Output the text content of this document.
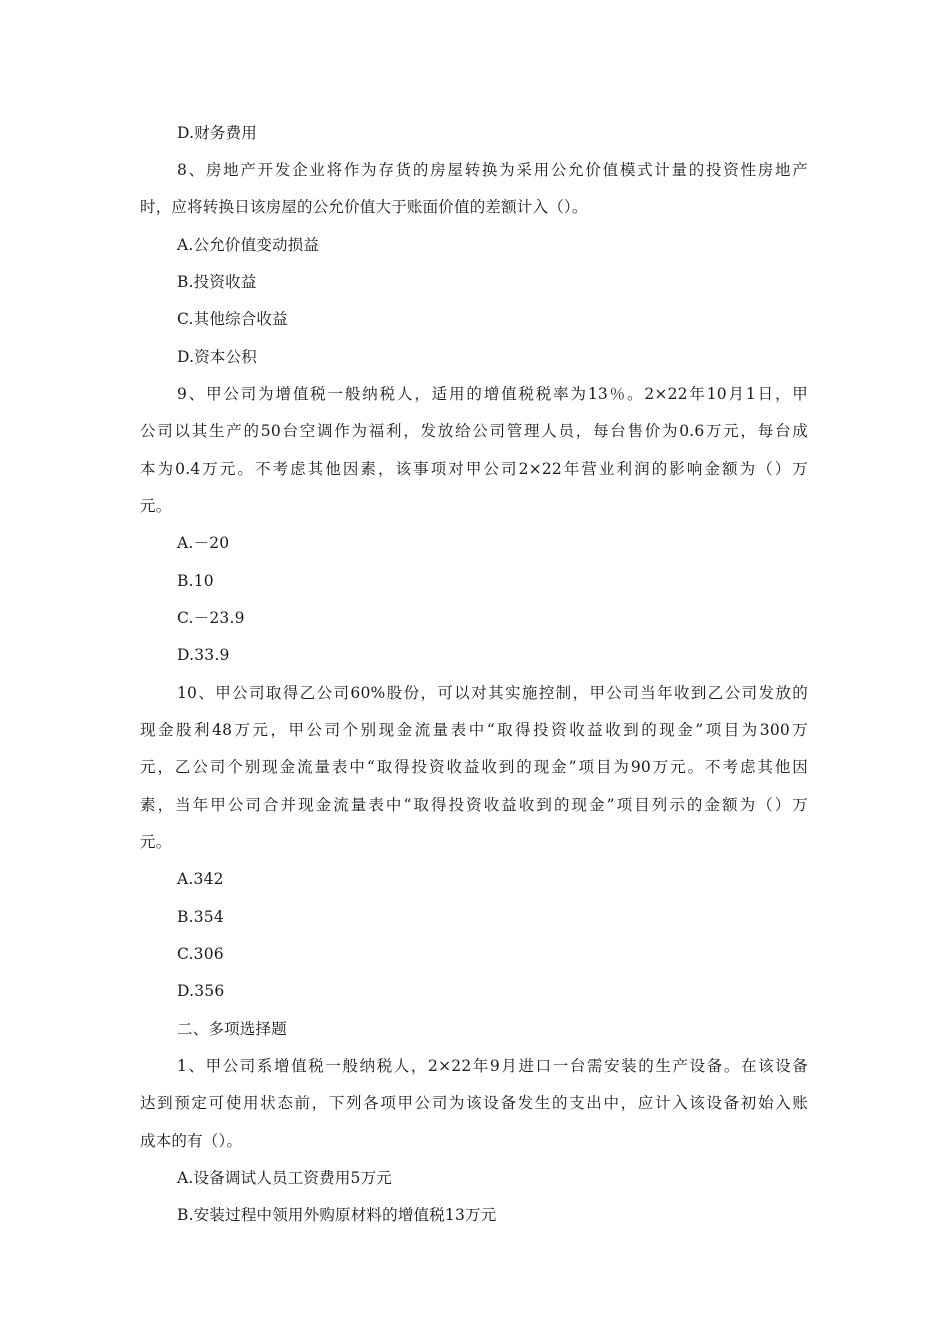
D.财务费用
8、房地产开发企业将作为存货的房屋转换为采用公允价值模式计量的投资性房地产
时，应将转换日该房屋的公允价值大于账面价值的差额计入（）。
A.公允价值变动损益
B.投资收益
C.其他综合收益
D.资本公积
9、甲公司为增值税一般纳税人，适用的增值税税率为13％。2×22年10月1日，甲
公司以其生产的50台空调作为福利，发放给公司管理人员，每台售价为0.6万元，每台成
本为0.4万元。不考虑其他因素，该事项对甲公司2×22年营业利润的影响金额为（）万
元。
A.－20
B.10
C.－23.9
D.33.9
10、甲公司取得乙公司60%股份，可以对其实施控制，甲公司当年收到乙公司发放的
现金股利48万元，甲公司个别现金流量表中“取得投资收益收到的现金”项目为300万
元，乙公司个别现金流量表中“取得投资收益收到的现金”项目为90万元。不考虑其他因
素，当年甲公司合并现金流量表中“取得投资收益收到的现金”项目列示的金额为（）万
元。
A.342
B.354
C.306
D.356
二、多项选择题
1、甲公司系增值税一般纳税人，2×22年9月进口一台需安装的生产设备。在该设备
达到预定可使用状态前，下列各项甲公司为该设备发生的支出中，应计入该设备初始入账
成本的有（）。
A.设备调试人员工资费用5万元
B.安装过程中领用外购原材料的增值税13万元
